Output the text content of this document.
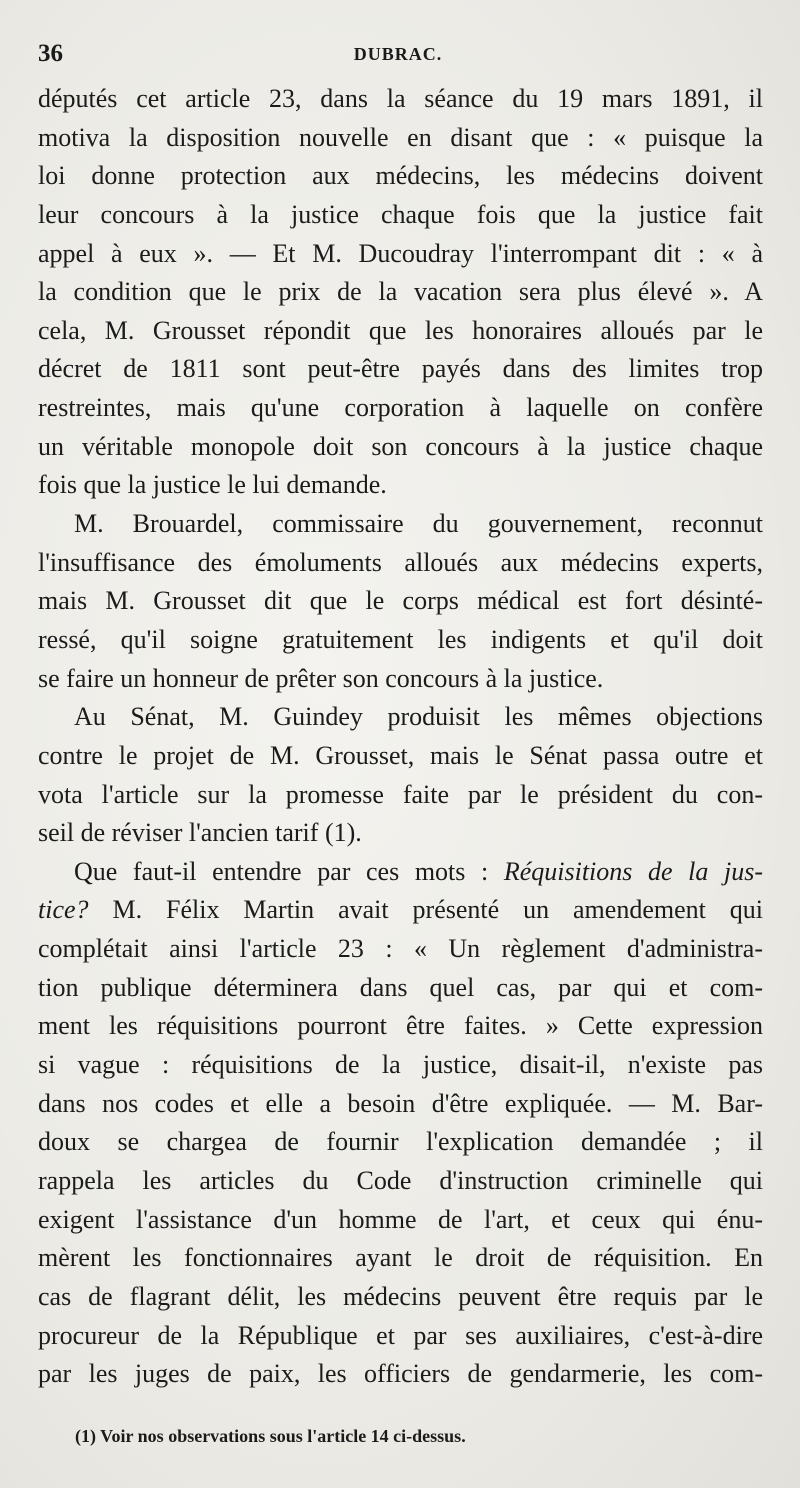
36	DUBRAC.
députés cet article 23, dans la séance du 19 mars 1891, il
motiva la disposition nouvelle en disant que : « puisque la
loi donne protection aux médecins, les médecins doivent
leur concours à la justice chaque fois que la justice fait
appel à eux ». — Et M. Ducoudray l'interrompant dit : « à
la condition que le prix de la vacation sera plus élevé ». A
cela, M. Grousset répondit que les honoraires alloués par le
décret de 1811 sont peut-être payés dans des limites trop
restreintes, mais qu'une corporation à laquelle on confère
un véritable monopole doit son concours à la justice chaque
fois que la justice le lui demande.
M. Brouardel, commissaire du gouvernement, reconnut
l'insuffisance des émoluments alloués aux médecins experts,
mais M. Grousset dit que le corps médical est fort désinté-
ressé, qu'il soigne gratuitement les indigents et qu'il doit
se faire un honneur de prêter son concours à la justice.
Au Sénat, M. Guindey produisit les mêmes objections
contre le projet de M. Grousset, mais le Sénat passa outre et
vota l'article sur la promesse faite par le président du con-
seil de réviser l'ancien tarif (1).
Que faut-il entendre par ces mots : Réquisitions de la jus-
tice? M. Félix Martin avait présenté un amendement qui
complétait ainsi l'article 23 : « Un règlement d'administra-
tion publique déterminera dans quel cas, par qui et com-
ment les réquisitions pourront être faites. » Cette expression
si vague : réquisitions de la justice, disait-il, n'existe pas
dans nos codes et elle a besoin d'être expliquée. — M. Bar-
doux se chargea de fournir l'explication demandée ; il
rappela les articles du Code d'instruction criminelle qui
exigent l'assistance d'un homme de l'art, et ceux qui énu-
mèrent les fonctionnaires ayant le droit de réquisition. En
cas de flagrant délit, les médecins peuvent être requis par le
procureur de la République et par ses auxiliaires, c'est-à-dire
par les juges de paix, les officiers de gendarmerie, les com-
(1) Voir nos observations sous l'article 14 ci-dessus.
